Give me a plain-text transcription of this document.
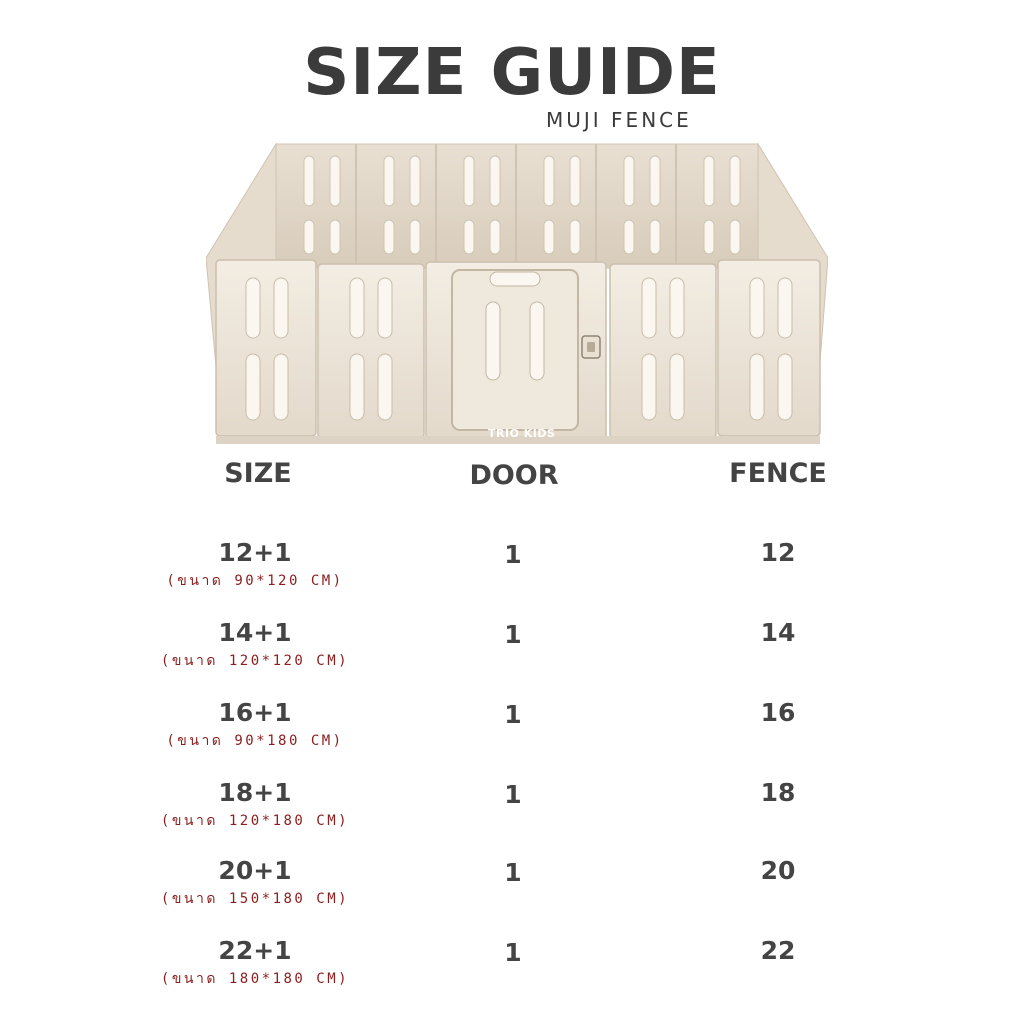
SIZE GUIDE
MUJI FENCE
TRIO KIDS
SIZE	DOOR	FENCE
12+1
(ขนาด 90*120 CM)
1	12
14+1
(ขนาด 120*120 CM)
1	14
16+1
(ขนาด 90*180 CM)
1	16
18+1
(ขนาด 120*180 CM)
1	18
20+1
(ขนาด 150*180 CM)
1	20
22+1
(ขนาด 180*180 CM)
1	22
